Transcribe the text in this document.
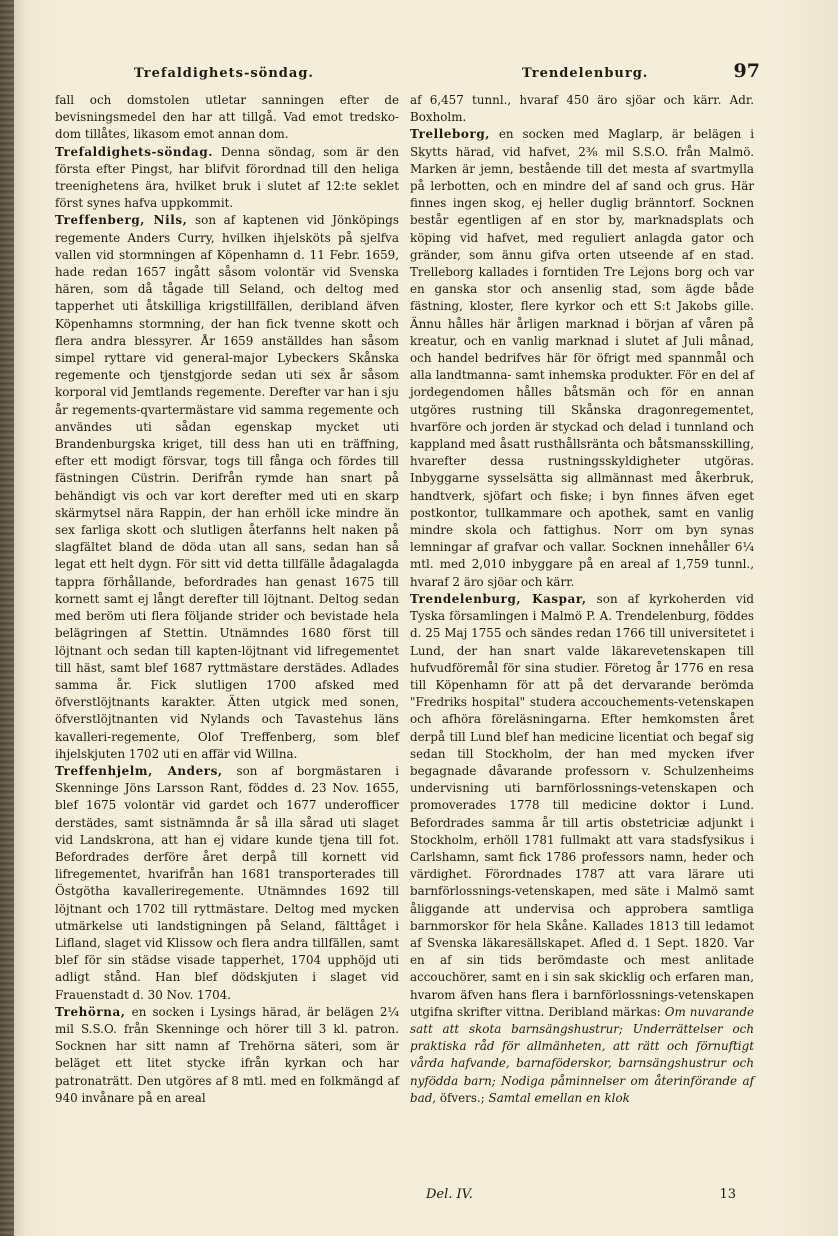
Trefaldighets-söndag.	Trendelenburg.	97

fall och domstolen utletar sanningen efter de bevisningsmedel den har att tillgå. Vad emot tredsko-dom tillåtes, likasom emot annan dom.

Trefaldighets-söndag. Denna söndag, som är den första efter Pingst, har blifvit förordnad till den heliga treenighetens ära, hvilket bruk i slutet af 12:te seklet först synes hafva uppkommit.

Treffenberg, Nils, son af kaptenen vid Jönköpings regemente Anders Curry, hvilken ihjelsköts på sjelfva vallen vid stormningen af Köpenhamn d. 11 Febr. 1659, hade redan 1657 ingått såsom volontär vid Svenska hären, som då tågade till Seland, och deltog med tapperhet uti åtskilliga krigstillfällen, deribland äfven Köpenhamns stormning, der han fick tvenne skott och flera andra blessyrer. År 1659 anställdes han såsom simpel ryttare vid general-major Lybeckers Skånska regemente och tjenstgjorde sedan uti sex år såsom korporal vid Jemtlands regemente. Derefter var han i sju år regements-qvartermästare vid samma regemente och användes uti sådan egenskap mycket uti Brandenburgska kriget, till dess han uti en träffning, efter ett modigt försvar, togs till fånga och fördes till fästningen Cüstrin. Derifrån rymde han snart på behändigt vis och var kort derefter med uti en skarp skärmytsel nära Rappin, der han erhöll icke mindre än sex farliga skott och slutligen återfanns helt naken på slagfältet bland de döda utan all sans, sedan han så legat ett helt dygn. För sitt vid detta tillfälle ådagalagda tappra förhållande, befordrades han genast 1675 till kornett samt ej långt derefter till löjtnant. Deltog sedan med beröm uti flera följande strider och bevistade hela belägringen af Stettin. Utnämndes 1680 först till löjtnant och sedan till kapten-löjtnant vid lifregementet till häst, samt blef 1687 ryttmästare derstädes. Adlades samma år. Fick slutligen 1700 afsked med öfverstlöjtnants karakter. Ätten utgick med sonen, öfverstlöjtnanten vid Nylands och Tavastehus läns kavalleri-regemente, Olof Treffenberg, som blef ihjelskjuten 1702 uti en affär vid Willna.

Treffenhjelm, Anders, son af borgmästaren i Skenninge Jöns Larsson Rant, föddes d. 23 Nov. 1655, blef 1675 volontär vid gardet och 1677 underofficer derstädes, samt sistnämnda år så illa sårad uti slaget vid Landskrona, att han ej vidare kunde tjena till fot. Befordrades derföre året derpå till kornett vid lifregementet, hvarifrån han 1681 transporterades till Östgötha kavalleriregemente. Utnämndes 1692 till löjtnant och 1702 till ryttmästare. Deltog med mycken utmärkelse uti landstigningen på Seland, fälttåget i Lifland, slaget vid Klissow och flera andra tillfällen, samt blef för sin städse visade tapperhet, 1704 upphöjd uti adligt stånd. Han blef dödskjuten i slaget vid Frauenstadt d. 30 Nov. 1704.

Trehörna, en socken i Lysings härad, är belägen 2¼ mil S.S.O. från Skenninge och hörer till 3 kl. patron. Socknen har sitt namn af Trehörna säteri, som är beläget ett litet stycke ifrån kyrkan och har patronaträtt. Den utgöres af 8 mtl. med en folkmängd af 940 invånare på en areal

af 6,457 tunnl., hvaraf 450 äro sjöar och kärr. Adr. Boxholm.

Trelleborg, en socken med Maglarp, är belägen i Skytts härad, vid hafvet, 2⅜ mil S.S.O. från Malmö. Marken är jemn, bestående till det mesta af svartmylla på lerbotten, och en mindre del af sand och grus. Här finnes ingen skog, ej heller duglig bränntorf. Socknen består egentligen af en stor by, marknadsplats och köping vid hafvet, med reguliert anlagda gator och gränder, som ännu gifva orten utseende af en stad. Trelleborg kallades i forntiden Tre Lejons borg och var en ganska stor och ansenlig stad, som ägde både fästning, kloster, flere kyrkor och ett S:t Jakobs gille. Ännu hålles här årligen marknad i början af våren på kreatur, och en vanlig marknad i slutet af Juli månad, och handel bedrifves här för öfrigt med spannmål och alla landtmanna- samt inhemska produkter. För en del af jordegendomen hålles båtsmän och för en annan utgöres rustning till Skånska dragonregementet, hvarföre och jorden är styckad och delad i tunnland och kappland med åsatt rusthållsränta och båtsmansskilling, hvarefter dessa rustningsskyldigheter utgöras. Inbyggarne sysselsätta sig allmännast med åkerbruk, handtverk, sjöfart och fiske; i byn finnes äfven eget postkontor, tullkammare och apothek, samt en vanlig mindre skola och fattighus. Norr om byn synas lemningar af grafvar och vallar. Socknen innehåller 6¼ mtl. med 2,010 inbyggare på en areal af 1,759 tunnl., hvaraf 2 äro sjöar och kärr.

Trendelenburg, Kaspar, son af kyrkoherden vid Tyska församlingen i Malmö P. A. Trendelenburg, föddes d. 25 Maj 1755 och sändes redan 1766 till universitetet i Lund, der han snart valde läkarevetenskapen till hufvudföremål för sina studier. Företog år 1776 en resa till Köpenhamn för att på det dervarande berömda "Fredriks hospital" studera accouchements-vetenskapen och afhöra föreläsningarna. Efter hemkomsten året derpå till Lund blef han medicine licentiat och begaf sig sedan till Stockholm, der han med mycken ifver begagnade dåvarande professorn v. Schulzenheims undervisning uti barnförlossnings-vetenskapen och promoverades 1778 till medicine doktor i Lund. Befordrades samma år till artis obstetriciæ adjunkt i Stockholm, erhöll 1781 fullmakt att vara stadsfysikus i Carlshamn, samt fick 1786 professors namn, heder och värdighet. Förordnades 1787 att vara lärare uti barnförlossnings-vetenskapen, med säte i Malmö samt åliggande att undervisa och approbera samtliga barnmorskor för hela Skåne. Kallades 1813 till ledamot af Svenska läkaresällskapet. Afled d. 1 Sept. 1820. Var en af sin tids berömdaste och mest anlitade accouchörer, samt en i sin sak skicklig och erfaren man, hvarom äfven hans flera i barnförlossnings-vetenskapen utgifna skrifter vittna. Deribland märkas: Om nuvarande satt att skota barnsängshustrur; Underrättelser och praktiska råd för allmänheten, att rätt och förnuftigt vårda hafvande, barnaföderskor, barnsängshustrur och nyfödda barn; Nodiga påminnelser om återinförande af bad, öfvers.; Samtal emellan en klok

Del. IV.	13
